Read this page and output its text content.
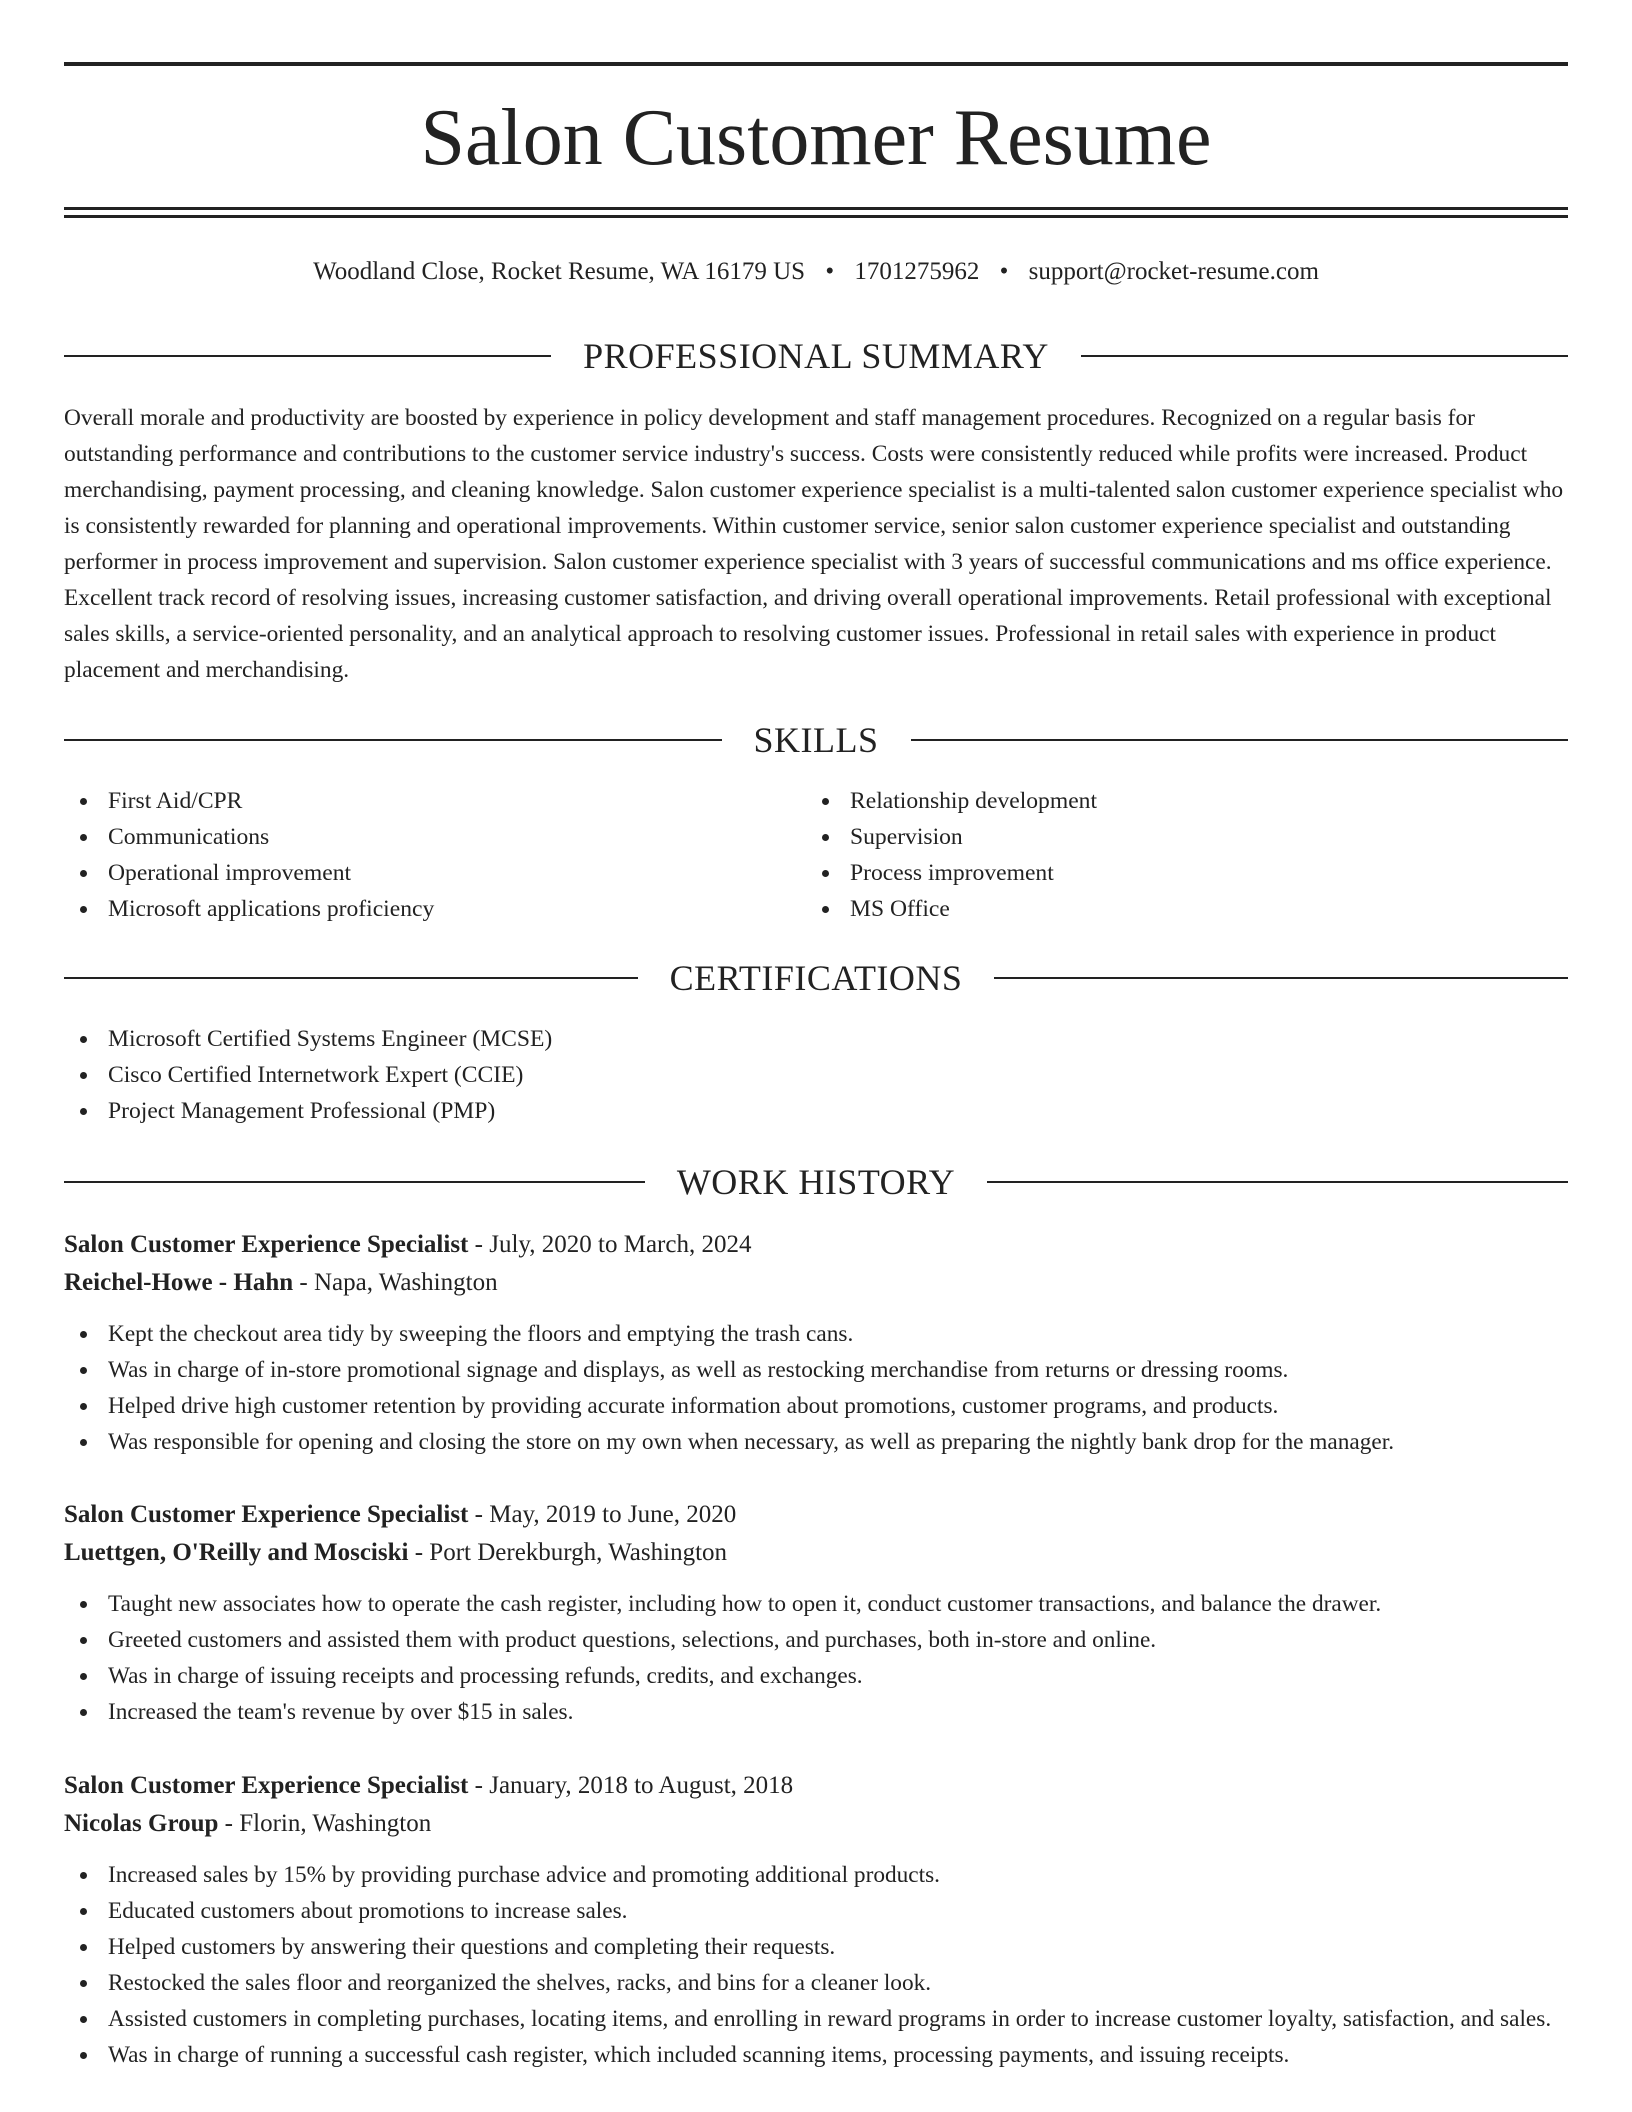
Salon Customer Resume
Woodland Close, Rocket Resume, WA 16179 US • 1701275962 • support@rocket-resume.com
PROFESSIONAL SUMMARY

Overall morale and productivity are boosted by experience in policy development and staff management procedures. Recognized on a regular basis for outstanding performance and contributions to the customer service industry's success. Costs were consistently reduced while profits were increased. Product merchandising, payment processing, and cleaning knowledge. Salon customer experience specialist is a multi-talented salon customer experience specialist who is consistently rewarded for planning and operational improvements. Within customer service, senior salon customer experience specialist and outstanding performer in process improvement and supervision. Salon customer experience specialist with 3 years of successful communications and ms office experience. Excellent track record of resolving issues, increasing customer satisfaction, and driving overall operational improvements. Retail professional with exceptional sales skills, a service-oriented personality, and an analytical approach to resolving customer issues. Professional in retail sales with experience in product placement and merchandising.

SKILLS
First Aid/CPR
Communications
Operational improvement
Microsoft applications proficiency
Relationship development
Supervision
Process improvement
MS Office
CERTIFICATIONS
Microsoft Certified Systems Engineer (MCSE)
Cisco Certified Internetwork Expert (CCIE)
Project Management Professional (PMP)
WORK HISTORY
Salon Customer Experience Specialist - July, 2020 to March, 2024
Reichel-Howe - Hahn - Napa, Washington
Kept the checkout area tidy by sweeping the floors and emptying the trash cans.
Was in charge of in-store promotional signage and displays, as well as restocking merchandise from returns or dressing rooms.
Helped drive high customer retention by providing accurate information about promotions, customer programs, and products.
Was responsible for opening and closing the store on my own when necessary, as well as preparing the nightly bank drop for the manager.
Salon Customer Experience Specialist - May, 2019 to June, 2020
Luettgen, O'Reilly and Mosciski - Port Derekburgh, Washington
Taught new associates how to operate the cash register, including how to open it, conduct customer transactions, and balance the drawer.
Greeted customers and assisted them with product questions, selections, and purchases, both in-store and online.
Was in charge of issuing receipts and processing refunds, credits, and exchanges.
Increased the team's revenue by over $15 in sales.
Salon Customer Experience Specialist - January, 2018 to August, 2018
Nicolas Group - Florin, Washington
Increased sales by 15% by providing purchase advice and promoting additional products.
Educated customers about promotions to increase sales.
Helped customers by answering their questions and completing their requests.
Restocked the sales floor and reorganized the shelves, racks, and bins for a cleaner look.
Assisted customers in completing purchases, locating items, and enrolling in reward programs in order to increase customer loyalty, satisfaction, and sales.
Was in charge of running a successful cash register, which included scanning items, processing payments, and issuing receipts.
